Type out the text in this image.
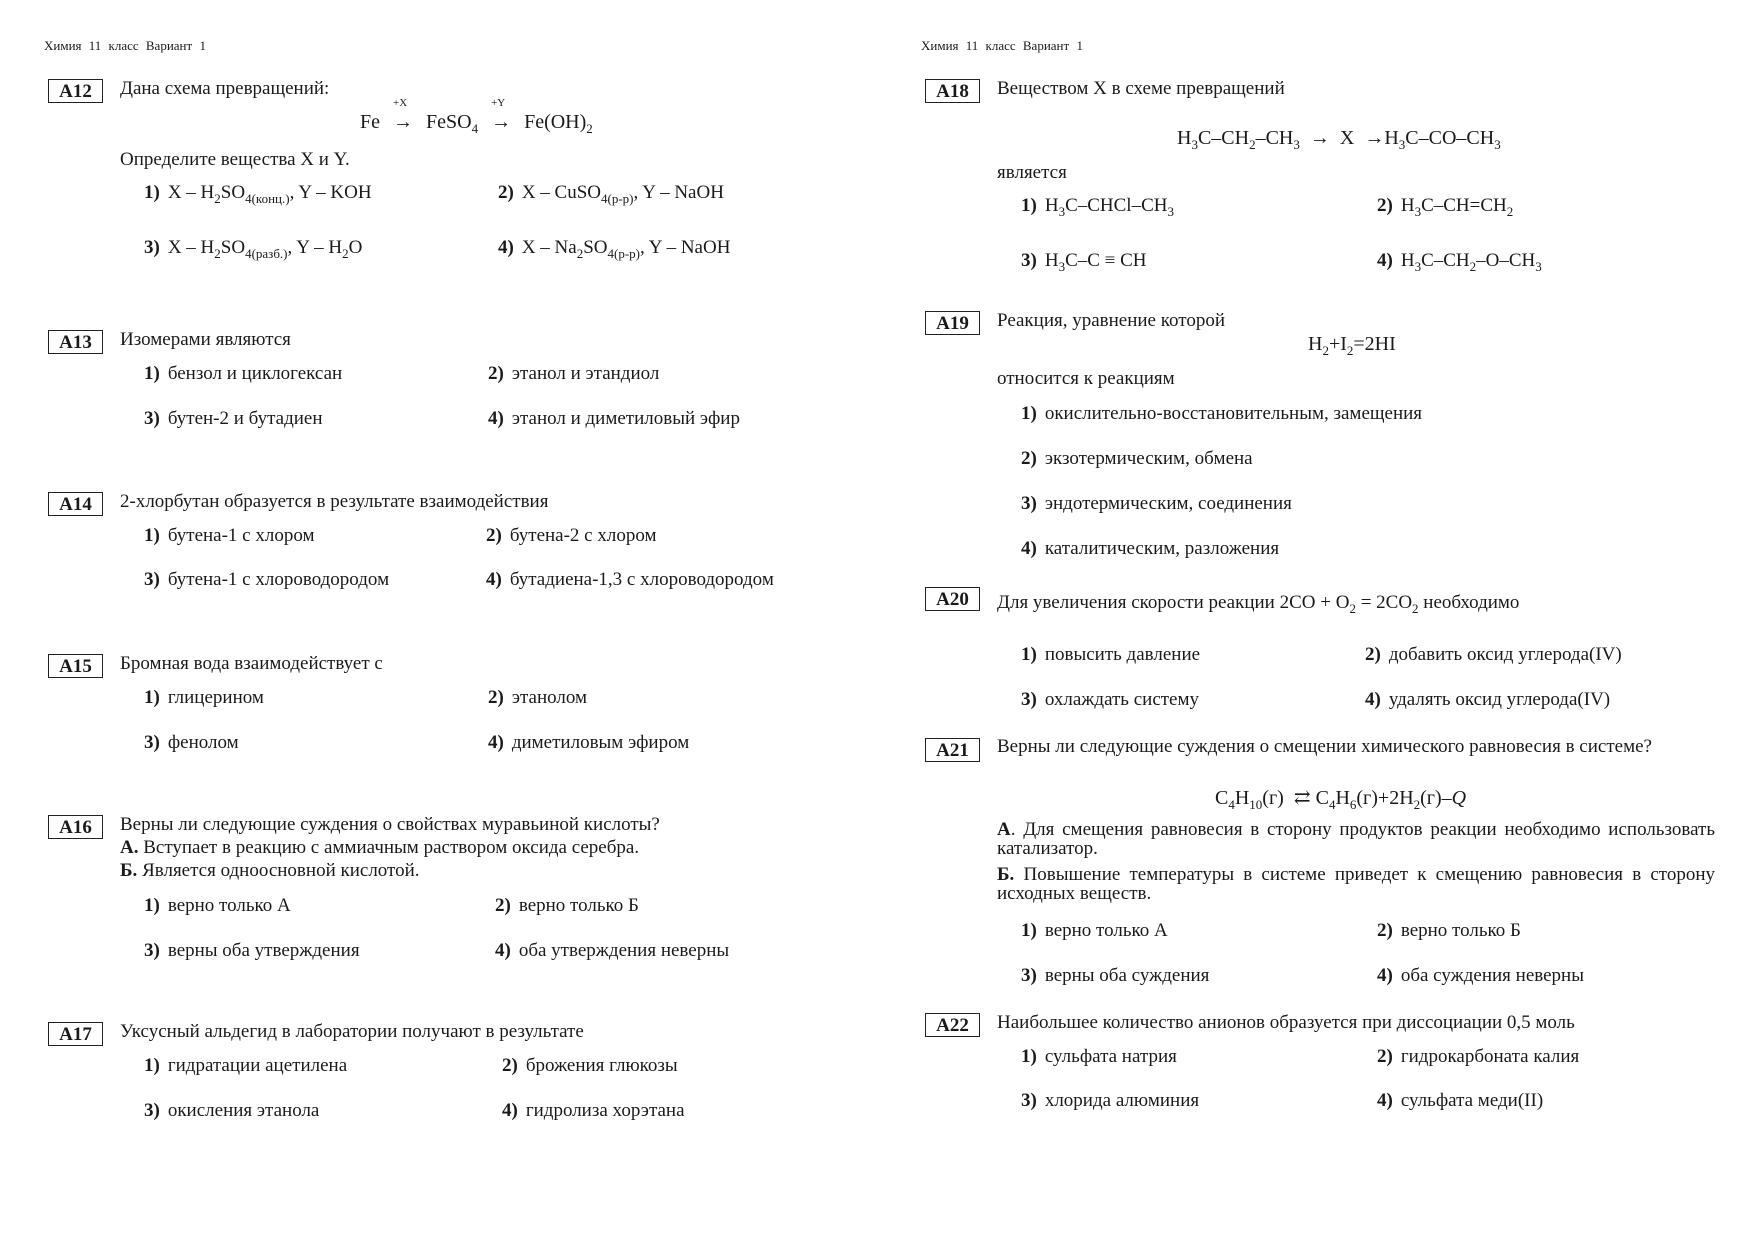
Химия 11 класс Вариант 1
A12	Дана схема превращений:
Fe
+X
→ FeSO$_4$
+Y
→ $Fe(OH)_2$
Определите вещества X и Y.
1) X – $H_2SO_{4(конц.)}$, Y – KOH	2) X – CuSO$_{4(р-р)}$, Y – NaOH
3) X – $H_2SO_{4(разб.)}$, Y – $H_2O$	4) X – $Na_2SO_{4(р-р)}$, Y – NaOH
A13	Изомерами являются
1) бензол и циклогексан	2) этанол и этандиол
3) бутен-2 и бутадиен	4) этанол и диметиловый эфир
A14	2-хлорбутан образуется в результате взаимодействия
1) бутена-1 с хлором	2) бутена-2 с хлором
3) бутена-1 с хлороводородом	4) бутадиена-1,3 с хлороводородом
A15	Бромная вода взаимодействует с
1) глицерином	2) этанолом
3) фенолом	4) диметиловым эфиром
A16	Верны ли следующие суждения о свойствах муравьиной кислоты?
А. Вступает в реакцию с аммиачным раствором оксида серебра.
Б. Является одноосновной кислотой.
1) верно только А	2) верно только Б
3) верны оба утверждения	4) оба утверждения неверны
A17	Уксусный альдегид в лаборатории получают в результате
1) гидратации ацетилена	2) брожения глюкозы
3) окисления этанола	4) гидролиза хорэтана
Химия 11 класс Вариант 1
A18	Веществом X в схеме превращений
$H_3C-CH_2-CH_3 \to X \to H_3C-CO-CH_3$
является
1) $H_3C-CHCl-CH_3$	2) $H_3C-CH=CH_2$
3) $H_3C-C$ ≡ CH	4) $H_3C-CH_2-O-CH_3$
A19	Реакция, уравнение которой
$H_2+I_2=2HI$
относится к реакциям
1) окислительно-восстановительным, замещения
2) экзотермическим, обмена
3) эндотермическим, соединения
4) каталитическим, разложения
A20	Для увеличения скорости реакции $2CO + O_2 = 2CO_2$ необходимо
1) повысить давление	2) добавить оксид углерода(IV)
3) охлаждать систему	4) удалять оксид углерода(IV)
A21	Верны ли следующие суждения о смещении химического равновесия в системе?
$C_4H_{10}(г)$ ⇄ $C_4H_6(г)+2H_2(г)-Q$
А. Для смещения равновесия в сторону продуктов реакции необходимо использовать катализатор.
Б. Повышение температуры в системе приведет к смещению равновесия в сторону исходных веществ.
1) верно только А	2) верно только Б
3) верны оба суждения	4) оба суждения неверны
A22	Наибольшее количество анионов образуется при диссоциации 0,5 моль
1) сульфата натрия	2) гидрокарбоната калия
3) хлорида алюминия	4) сульфата меди(II)
